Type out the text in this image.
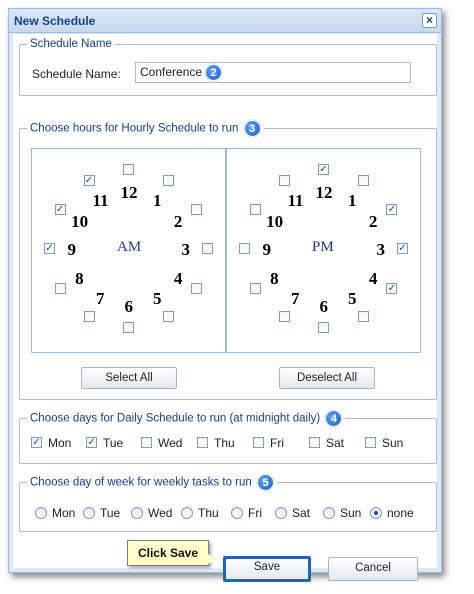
New Schedule	×
Schedule Name
Schedule Name:	Conference 2
Choose hours for Hourly Schedule to run 3
AM
12 1
2
3
4
5
6
7
8
9
✓
10
✓ 11
✓
PM
12
✓
1
2
✓
3 ✓
4
✓
5
6
7
8
9
10
11
Select All	Deselect All
Choose days for Daily Schedule to run (at midnight daily) 4
✓ Mon ✓ Tue	Wed	Thu	Fri	Sat	Sun
Choose day of week for weekly tasks to run 5
Mon Tue Wed Thu Fri	Sat Sun none
Save	Cancel
Click Save
